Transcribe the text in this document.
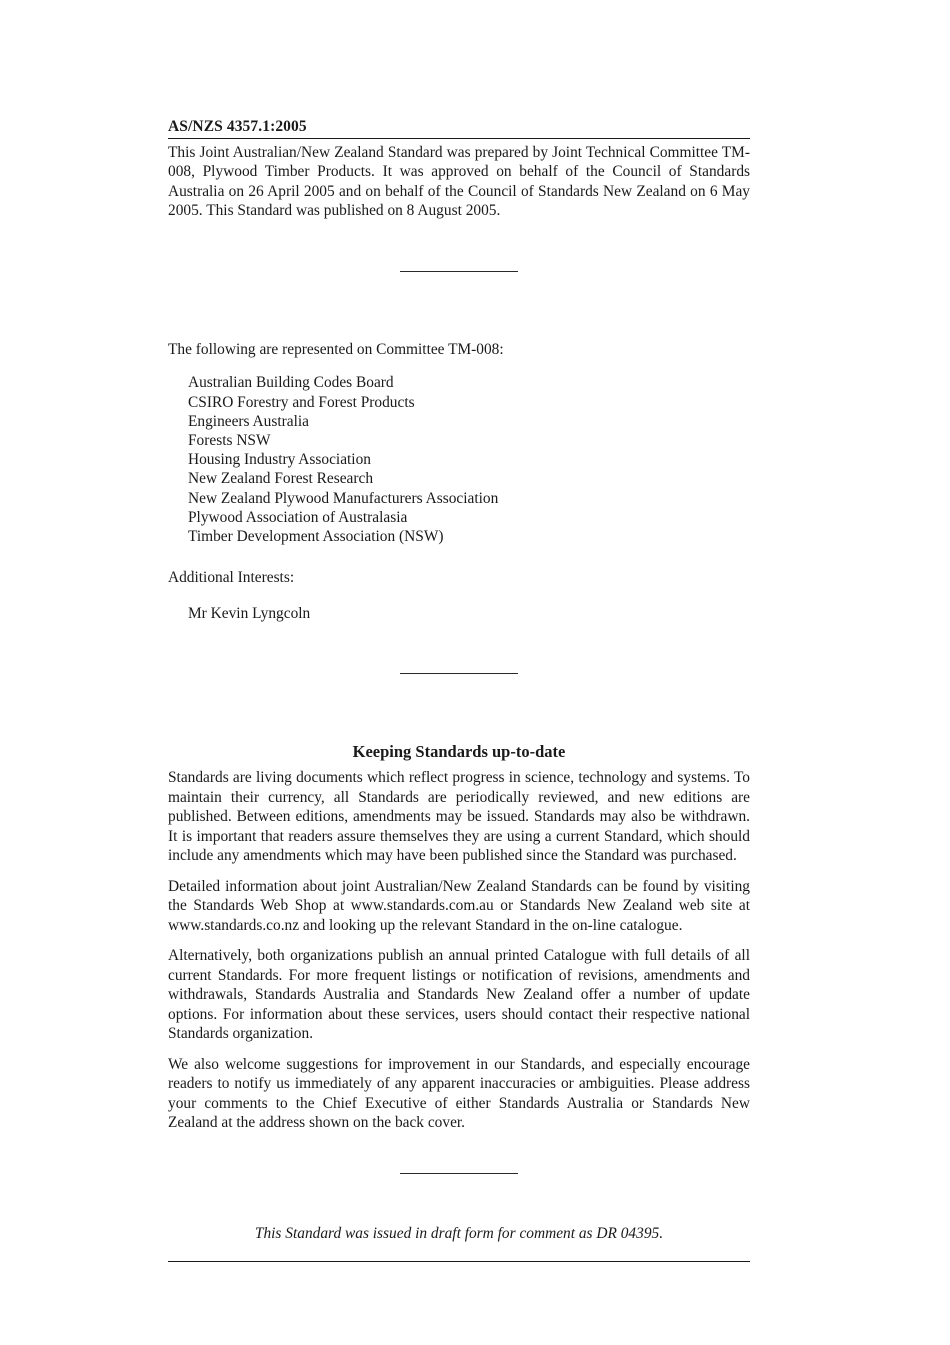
AS/NZS 4357.1:2005

This Joint Australian/New Zealand Standard was prepared by Joint Technical Committee TM-008, Plywood Timber Products. It was approved on behalf of the Council of Standards Australia on 26 April 2005 and on behalf of the Council of Standards New Zealand on 6 May 2005. This Standard was published on 8 August 2005.

The following are represented on Committee TM-008:

Australian Building Codes Board
CSIRO Forestry and Forest Products
Engineers Australia
Forests NSW
Housing Industry Association
New Zealand Forest Research
New Zealand Plywood Manufacturers Association
Plywood Association of Australasia
Timber Development Association (NSW)

Additional Interests:

Mr Kevin Lyngcoln

Keeping Standards up-to-date

Standards are living documents which reflect progress in science, technology and systems. To maintain their currency, all Standards are periodically reviewed, and new editions are published. Between editions, amendments may be issued. Standards may also be withdrawn. It is important that readers assure themselves they are using a current Standard, which should include any amendments which may have been published since the Standard was purchased.

Detailed information about joint Australian/New Zealand Standards can be found by visiting the Standards Web Shop at www.standards.com.au or Standards New Zealand web site at www.standards.co.nz and looking up the relevant Standard in the on-line catalogue.

Alternatively, both organizations publish an annual printed Catalogue with full details of all current Standards. For more frequent listings or notification of revisions, amendments and withdrawals, Standards Australia and Standards New Zealand offer a number of update options. For information about these services, users should contact their respective national Standards organization.

We also welcome suggestions for improvement in our Standards, and especially encourage readers to notify us immediately of any apparent inaccuracies or ambiguities. Please address your comments to the Chief Executive of either Standards Australia or Standards New Zealand at the address shown on the back cover.

This Standard was issued in draft form for comment as DR 04395.
